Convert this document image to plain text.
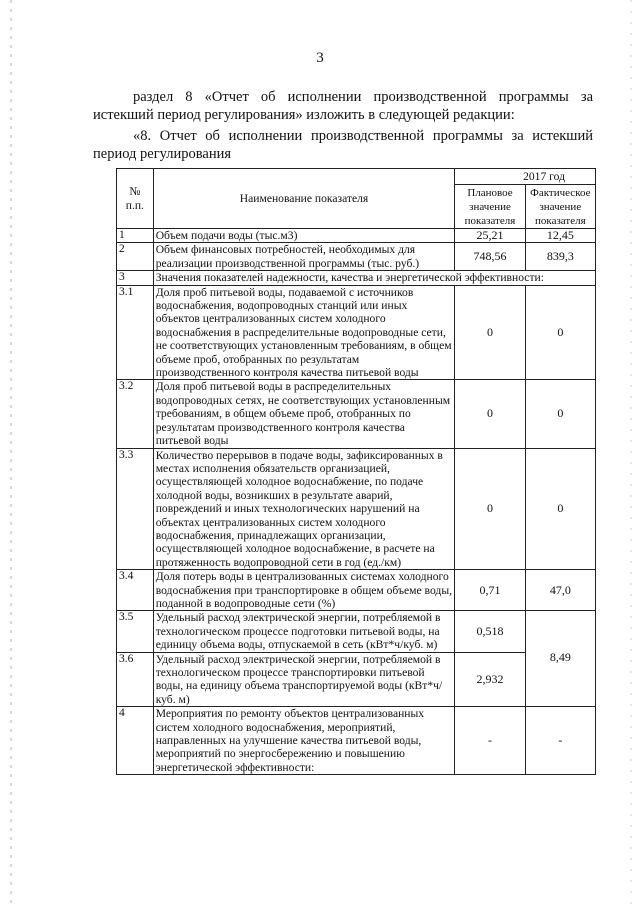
3
раздел 8 «Отчет об исполнении производственной программы за истекший период регулирования» изложить в следующей редакции:
«8. Отчет об исполнении производственной программы за истекший период регулирования
№ п.п.	Наименование показателя	2017 год	
		Плановое значение показателя	Фактическое значение показателя
1	Объем подачи воды (тыс.м3)	25,21	12,45
2	Объем финансовых потребностей, необходимых для реализации производственной программы (тыс. руб.)	748,56	839,3
3	Значения показателей надежности, качества и энергетической эффективности:		
3.1	Доля проб питьевой воды, подаваемой с источников водоснабжения, водопроводных станций или иных объектов централизованных систем холодного водоснабжения в распределительные водопроводные сети, не соответствующих установленным требованиям, в общем объеме проб, отобранных по результатам производственного контроля качества питьевой воды	0	0
3.2	Доля проб питьевой воды в распределительных водопроводных сетях, не соответствующих установленным требованиям, в общем объеме проб, отобранных по результатам производственного контроля качества питьевой воды	0	0
3.3	Количество перерывов в подаче воды, зафиксированных в местах исполнения обязательств организацией, осуществляющей холодное водоснабжение, по подаче холодной воды, возникших в результате аварий, повреждений и иных технологических нарушений на объектах централизованных систем холодного водоснабжения, принадлежащих организации, осуществляющей холодное водоснабжение, в расчете на протяженность водопроводной сети в год (ед./км)	0	0
3.4	Доля потерь воды в централизованных системах холодного водоснабжения при транспортировке в общем объеме воды, поданной в водопроводные сети (%)	0,71	47,0
3.5	Удельный расход электрической энергии, потребляемой в технологическом процессе подготовки питьевой воды, на единицу объема воды, отпускаемой в сеть (кВт*ч/куб. м)	0,518	8,49
3.6	Удельный расход электрической энергии, потребляемой в технологическом процессе транспортировки питьевой воды, на единицу объема транспортируемой воды (кВт*ч/куб. м)	2,932	
4	Мероприятия по ремонту объектов централизованных систем холодного водоснабжения, мероприятий, направленных на улучшение качества питьевой воды, мероприятий по энергосбережению и повышению энергетической эффективности:	-	-
